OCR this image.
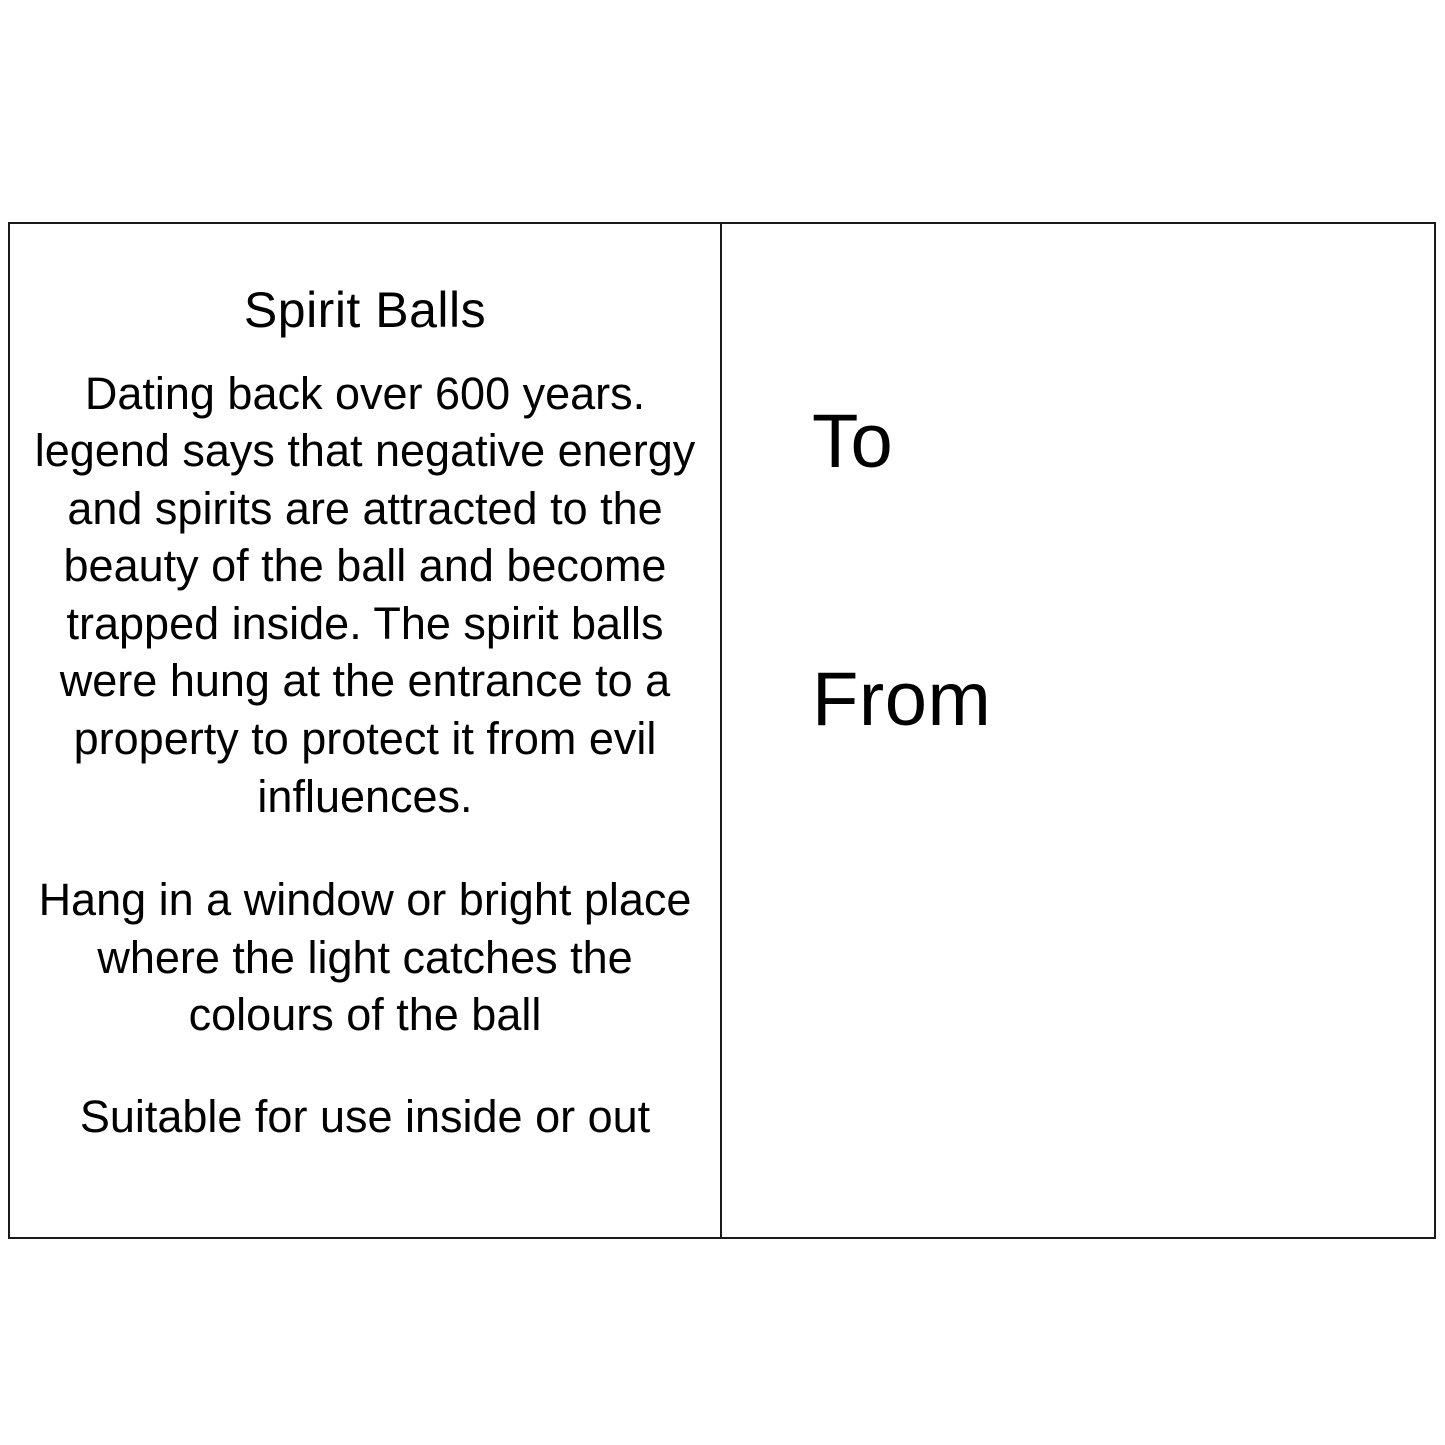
Spirit Balls

Dating back over 600 years. legend says that negative energy and spirits are attracted to the beauty of the ball and become trapped inside. The spirit balls were hung at the entrance to a property to protect it from evil influences.

Hang in a window or bright place where the light catches the colours of the ball

Suitable for use inside or out

To
From
